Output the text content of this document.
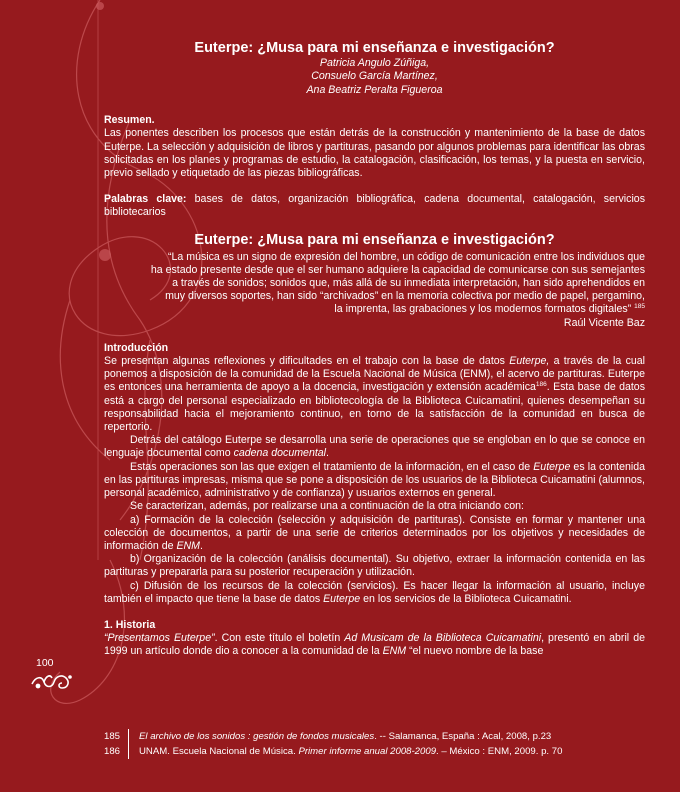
Euterpe: ¿Musa para mi enseñanza e investigación?
Patricia Angulo Zúñiga,
Consuelo García Martínez,
Ana Beatriz Peralta Figueroa

Resumen.

Las ponentes describen los procesos que están detrás de la construcción y mantenimiento de la base de datos Euterpe. La selección y adquisición de libros y partituras, pasando por algunos problemas para identificar las obras solicitadas en los planes y programas de estudio, la catalogación, clasificación, los temas, y la puesta en servicio, previo sellado y etiquetado de las piezas bibliográficas.

Palabras clave: bases de datos, organización bibliográfica, cadena documental, catalogación, servicios bibliotecarios

Euterpe: ¿Musa para mi enseñanza e investigación?
“La música es un signo de expresión del hombre, un código de comunicación entre los individuos que
ha estado presente desde que el ser humano adquiere la capacidad de comunicarse con sus semejantes
a través de sonidos; sonidos que, más allá de su inmediata interpretación, han sido aprehendidos en
muy diversos soportes, han sido “archivados” en la memoria colectiva por medio de papel, pergamino,
la imprenta, las grabaciones y los modernos formatos digitales” $^{185}$
Raúl Vicente Baz

Introducción

Se presentan algunas reflexiones y dificultades en el trabajo con la base de datos Euterpe, a través de la cual ponemos a disposición de la comunidad de la Escuela Nacional de Música (ENM), el acervo de partituras. Euterpe es entonces una herramienta de apoyo a la docencia, investigación y extensión académica$^{186}$. Esta base de datos está a cargo del personal especializado en bibliotecología de la Biblioteca Cuicamatini, quienes desempeñan su responsabilidad hacia el mejoramiento continuo, en torno de la satisfacción de la comunidad en busca de repertorio.

Detrás del catálogo Euterpe se desarrolla una serie de operaciones que se engloban en lo que se conoce en lenguaje documental como cadena documental.

Estas operaciones son las que exigen el tratamiento de la información, en el caso de Euterpe es la contenida en las partituras impresas, misma que se pone a disposición de los usuarios de la Biblioteca Cuicamatini (alumnos, personal académico, administrativo y de confianza) y usuarios externos en general.

Se caracterizan, además, por realizarse una a continuación de la otra iniciando con:

a) Formación de la colección (selección y adquisición de partituras). Consiste en formar y mantener una colección de documentos, a partir de una serie de criterios determinados por los objetivos y necesidades de información de ENM.

b) Organización de la colección (análisis documental). Su objetivo, extraer la información contenida en las partituras y prepararla para su posterior recuperación y utilización.

c) Difusión de los recursos de la colección (servicios). Es hacer llegar la información al usuario, incluye también el impacto que tiene la base de datos Euterpe en los servicios de la Biblioteca Cuicamatini.

1. Historia

“Presentamos Euterpe”. Con este título el boletín Ad Musicam de la Biblioteca Cuicamatini, presentó en abril de 1999 un artículo donde dio a conocer a la comunidad de la ENM “el nuevo nombre de la base

100
185	El archivo de los sonidos : gestión de fondos musicales. -- Salamanca, España : Acal, 2008, p.23
186	UNAM. Escuela Nacional de Música. Primer informe anual 2008-2009. – México : ENM, 2009. p. 70
